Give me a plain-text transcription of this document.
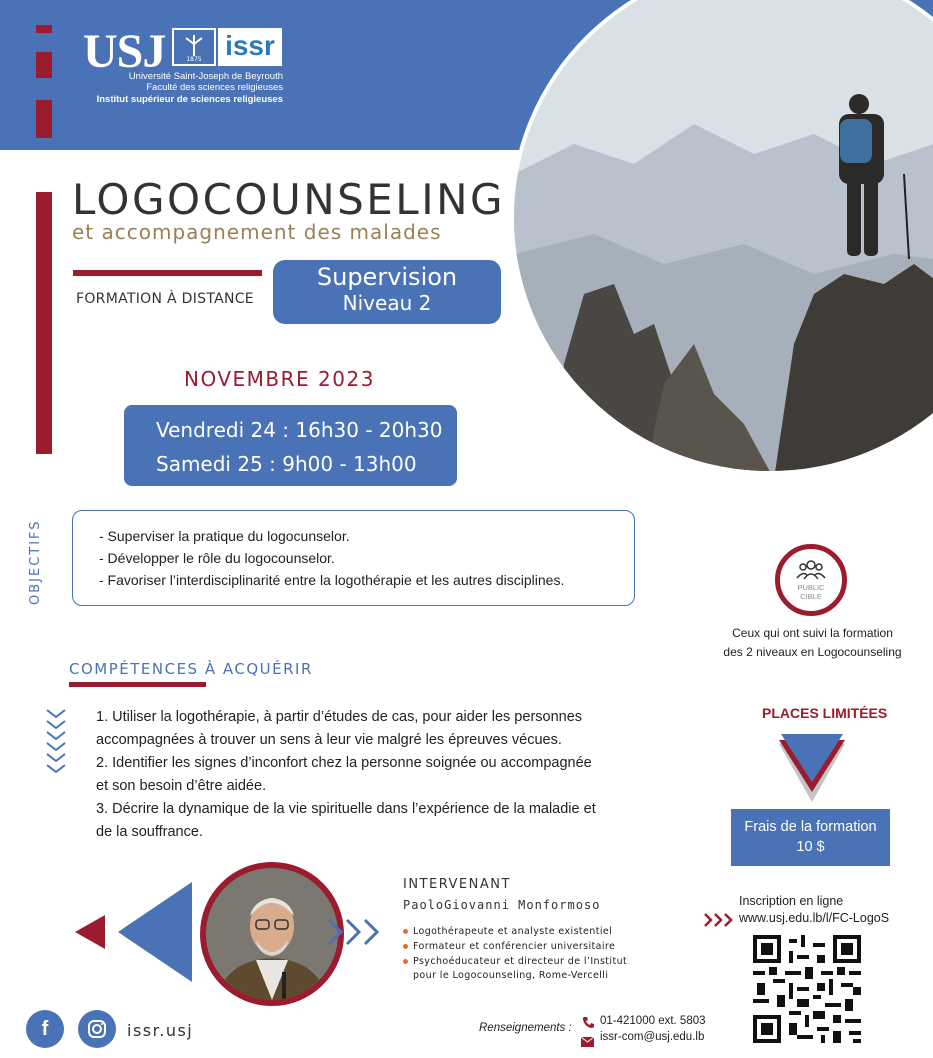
USJ	1875 issr
Université Saint-Joseph de Beyrouth
Faculté des sciences religieuses
Institut supérieur de sciences religieuses
LOGOCOUNSELING
et accompagnement des malades
FORMATION À DISTANCE
Supervision
Niveau 2
NOVEMBRE 2023
Vendredi 24 : 16h30 - 20h30
Samedi 25 : 9h00 - 13h00
OBJECTIFS	- Superviser la pratique du logocunselor.
- Développer le rôle du logocounselor.
- Favoriser l’interdisciplinarité entre la logothérapie et les autres disciplines.	PUBLIC
CIBLE
Ceux qui ont suivi la formation
des 2 niveaux en Logocounseling
COMPÉTENCES À ACQUÉRIR
1. Utiliser la logothérapie, à partir d’études de cas, pour aider les personnes
accompagnées à trouver un sens à leur vie malgré les épreuves vécues.
2. Identifier les signes d’inconfort chez la personne soignée ou accompagnée
et son besoin d’être aidée.
3. Décrire la dynamique de la vie spirituelle dans l’expérience de la maladie et
de la souffrance.
PLACES LIMITÉES
Frais de la formation
10 $
Inscription en ligne
www.usj.edu.lb/l/FC-LogoS
INTERVENANT
PaoloGiovanni Monformoso
Logothérapeute et analyste existentiel
Formateur et conférencier universitaire
Psychoéducateur et directeur de l’Institut
pour le Logocounseling, Rome-Vercelli
f	issr.usj	Renseignements :
01-421000 ext. 5803
issr-com@usj.edu.lb
